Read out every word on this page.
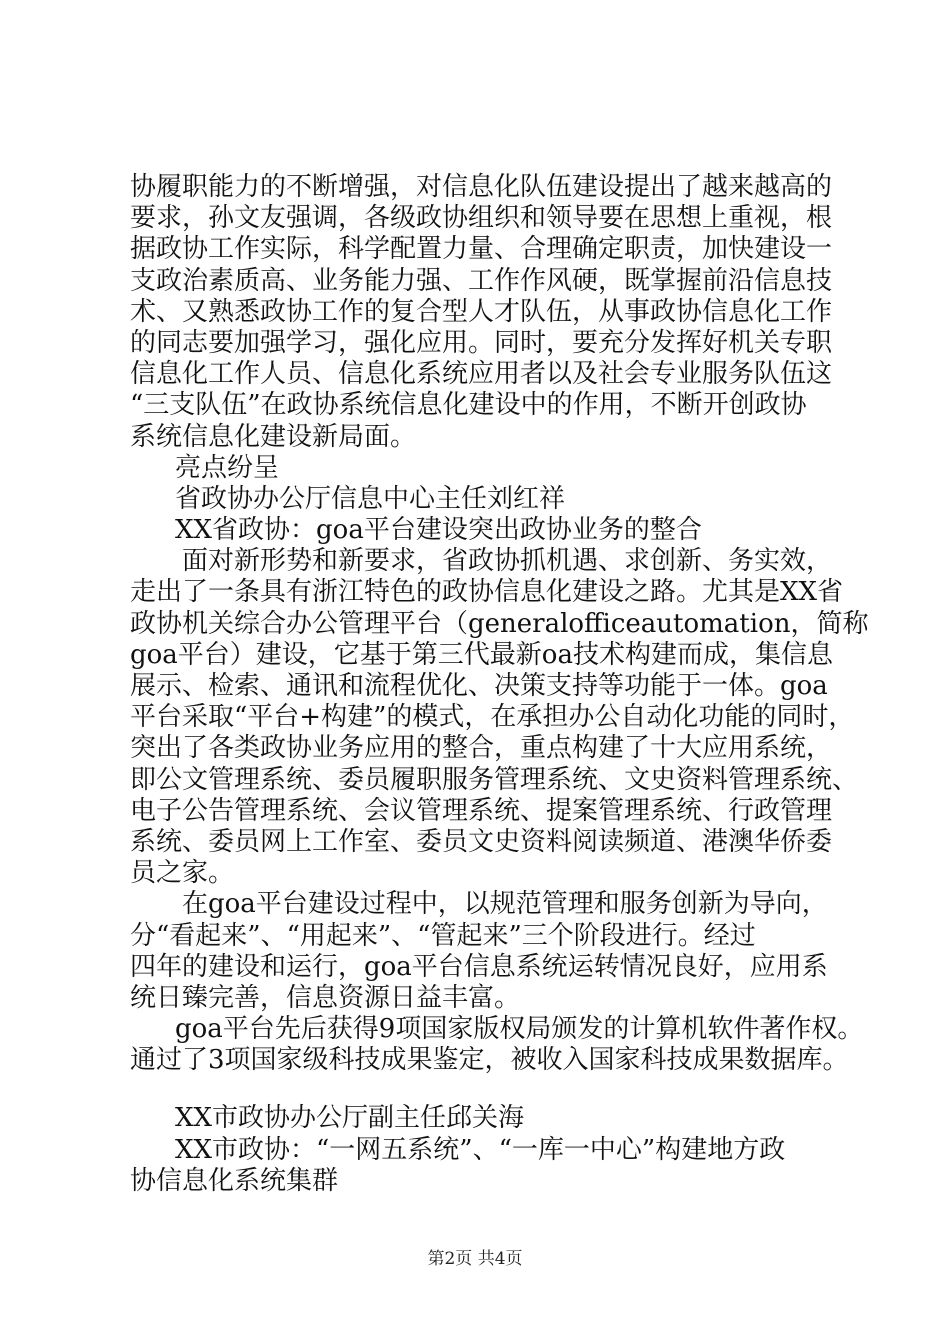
协履职能力的不断增强，对信息化队伍建设提出了越来越高的

要求，孙文友强调，各级政协组织和领导要在思想上重视，根

据政协工作实际，科学配置力量、合理确定职责，加快建设一

支政治素质高、业务能力强、工作作风硬，既掌握前沿信息技

术、又熟悉政协工作的复合型人才队伍，从事政协信息化工作

的同志要加强学习，强化应用。同时，要充分发挥好机关专职

信息化工作人员、信息化系统应用者以及社会专业服务队伍这

“三支队伍”在政协系统信息化建设中的作用，不断开创政协

系统信息化建设新局面。

亮点纷呈

省政协办公厅信息中心主任刘红祥

XX省政协：goa平台建设突出政协业务的整合

面对新形势和新要求，省政协抓机遇、求创新、务实效，

走出了一条具有浙江特色的政协信息化建设之路。尤其是XX省

政协机关综合办公管理平台（generalofficeautomation，简称

goa平台）建设，它基于第三代最新oa技术构建而成，集信息

展示、检索、通讯和流程优化、决策支持等功能于一体。goa

平台采取“平台+构建”的模式，在承担办公自动化功能的同时，

突出了各类政协业务应用的整合，重点构建了十大应用系统，

即公文管理系统、委员履职服务管理系统、文史资料管理系统、

电子公告管理系统、会议管理系统、提案管理系统、行政管理

系统、委员网上工作室、委员文史资料阅读频道、港澳华侨委

员之家。

在goa平台建设过程中，以规范管理和服务创新为导向，

分“看起来”、“用起来”、“管起来”三个阶段进行。经过

四年的建设和运行，goa平台信息系统运转情况良好，应用系

统日臻完善，信息资源日益丰富。

goa平台先后获得9项国家版权局颁发的计算机软件著作权。

通过了3项国家级科技成果鉴定，被收入国家科技成果数据库。

XX市政协办公厅副主任邱关海

XX市政协：“一网五系统”、“一库一中心”构建地方政

协信息化系统集群

第2页 共4页
